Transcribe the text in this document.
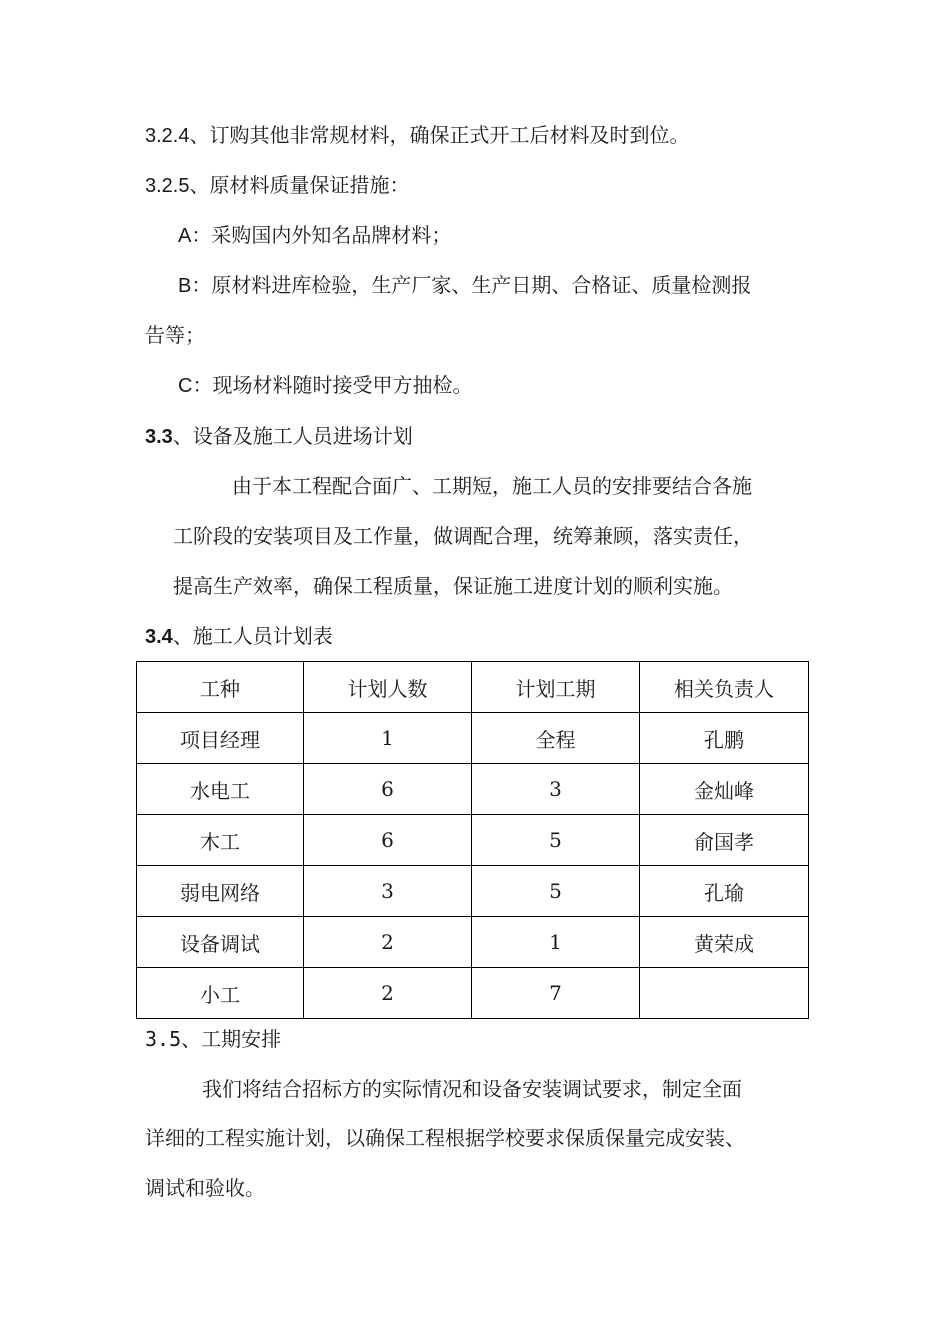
3.2.4、订购其他非常规材料，确保正式开工后材料及时到位。
3.2.5、原材料质量保证措施：
A：采购国内外知名品牌材料；
B：原材料进库检验，生产厂家、生产日期、合格证、质量检测报
告等；
C：现场材料随时接受甲方抽检。
3.3、设备及施工人员进场计划
由于本工程配合面广、工期短，施工人员的安排要结合各施
工阶段的安装项目及工作量，做调配合理，统筹兼顾，落实责任，
提高生产效率，确保工程质量，保证施工进度计划的顺利实施。
3.4、施工人员计划表
工种	计划人数	计划工期	相关负责人
项目经理	1	全程	孔鹏
水电工	6	3	金灿峰
木工	6	5	俞国孝
弱电网络	3	5	孔瑜
设备调试	2	1	黄荣成
小工	2	7	
3.5、工期安排
我们将结合招标方的实际情况和设备安装调试要求，制定全面
详细的工程实施计划，以确保工程根据学校要求保质保量完成安装、
调试和验收。
